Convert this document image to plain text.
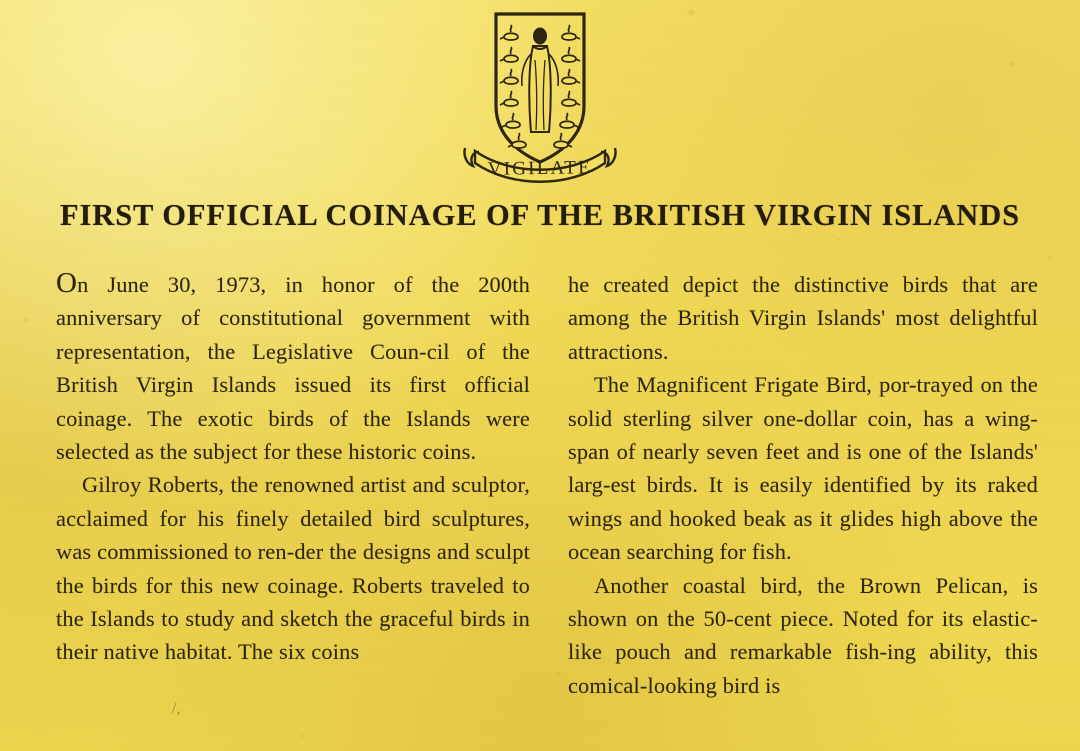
VIGILATE
FIRST OFFICIAL COINAGE OF THE BRITISH VIRGIN ISLANDS

On June 30, 1973, in honor of the 200th anniversary of constitutional government with representation, the Legislative Coun-cil of the British Virgin Islands issued its first official coinage. The exotic birds of the Islands were selected as the subject for these historic coins.

Gilroy Roberts, the renowned artist and sculptor, acclaimed for his finely detailed bird sculptures, was commissioned to ren-der the designs and sculpt the birds for this new coinage. Roberts traveled to the Islands to study and sketch the graceful birds in their native habitat. The six coins

he created depict the distinctive birds that are among the British Virgin Islands' most delightful attractions.

The Magnificent Frigate Bird, por-trayed on the solid sterling silver one-dollar coin, has a wing-span of nearly seven feet and is one of the Islands' larg-est birds. It is easily identified by its raked wings and hooked beak as it glides high above the ocean searching for fish.

Another coastal bird, the Brown Pelican, is shown on the 50-cent piece. Noted for its elastic-like pouch and remarkable fish-ing ability, this comical-looking bird is

/,
